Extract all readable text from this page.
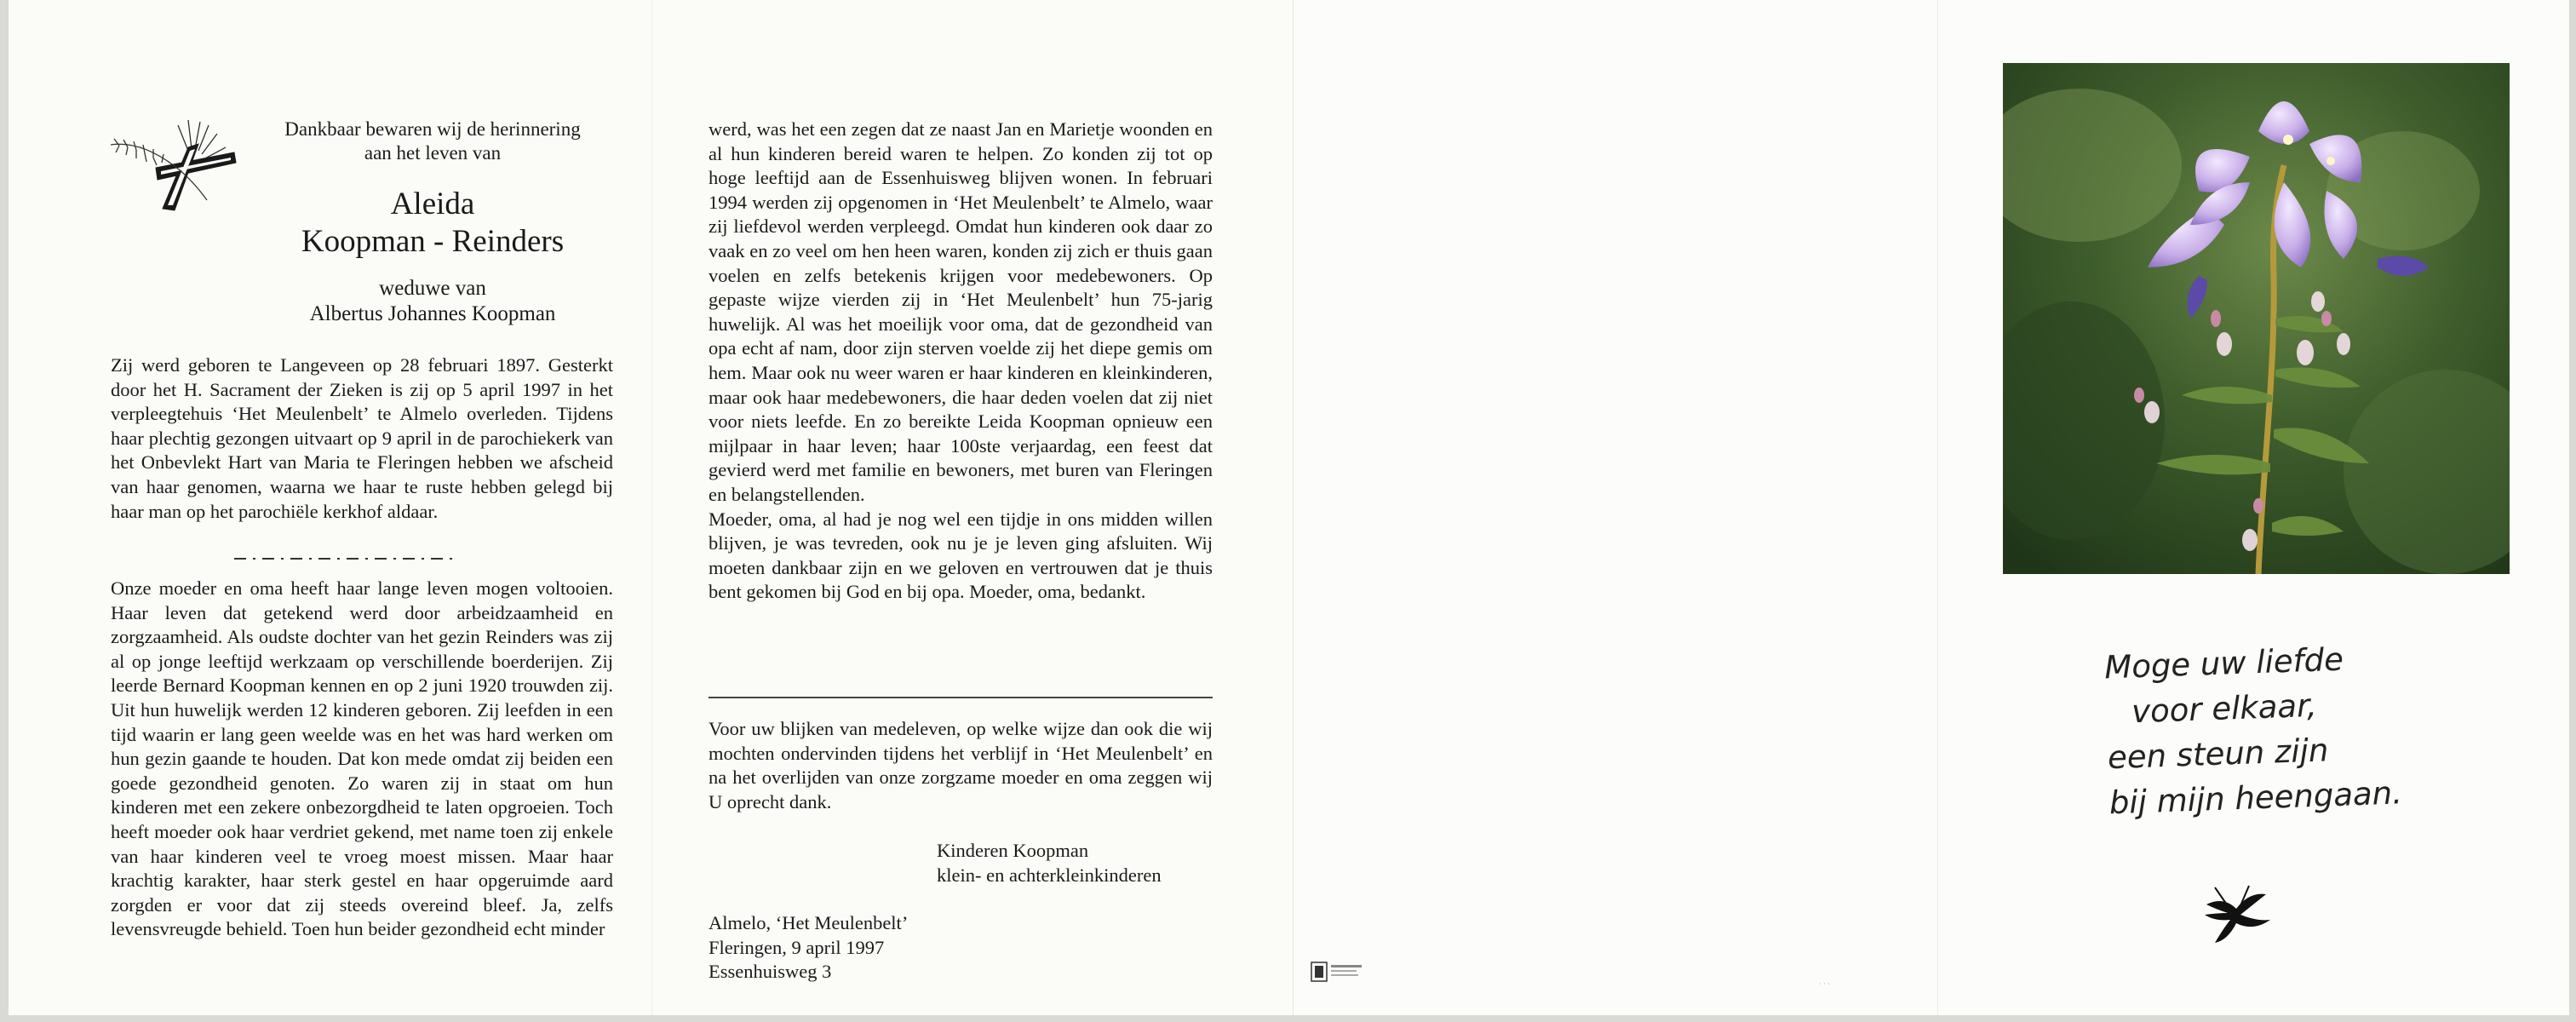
Dankbaar bewaren wij de herinnering
aan het leven van
Aleida
Koopman - Reinders
weduwe van
Albertus Johannes Koopman
Zij werd geboren te Langeveen op 28 februari 1897. Gesterkt door het H. Sacrament der Zieken is zij op 5 april 1997 in het verpleegtehuis ‘Het Meulenbelt’ te Almelo overleden. Tijdens haar plechtig gezongen uitvaart op 9 april in de parochiekerk van het Onbevlekt Hart van Maria te Fleringen hebben we afscheid van haar genomen, waarna we haar te ruste hebben gelegd bij haar man op het parochiële kerkhof aldaar.
Onze moeder en oma heeft haar lange leven mogen voltooien. Haar leven dat getekend werd door arbeidzaamheid en zorgzaamheid. Als oudste dochter van het gezin Reinders was zij al op jonge leeftijd werkzaam op verschillende boerderijen. Zij leerde Bernard Koopman kennen en op 2 juni 1920 trouwden zij. Uit hun huwelijk werden 12 kinderen geboren. Zij leefden in een tijd waarin er lang geen weelde was en het was hard werken om hun gezin gaande te houden. Dat kon mede omdat zij beiden een goede gezondheid genoten. Zo waren zij in staat om hun kinderen met een zekere onbezorgdheid te laten opgroeien. Toch heeft moeder ook haar verdriet gekend, met name toen zij enkele van haar kinderen veel te vroeg moest missen. Maar haar krachtig karakter, haar sterk gestel en haar opgeruimde aard zorgden er voor dat zij steeds overeind bleef. Ja, zelfs levensvreugde behield. Toen hun beider gezondheid echt minder

werd, was het een zegen dat ze naast Jan en Marietje woonden en al hun kinderen bereid waren te helpen. Zo konden zij tot op hoge leeftijd aan de Essenhuisweg blijven wonen. In februari 1994 werden zij opgenomen in ‘Het Meulenbelt’ te Almelo, waar zij liefdevol werden verpleegd. Omdat hun kinderen ook daar zo vaak en zo veel om hen heen waren, konden zij zich er thuis gaan voelen en zelfs betekenis krijgen voor medebewoners. Op gepaste wijze vierden zij in ‘Het Meulenbelt’ hun 75-jarig huwelijk. Al was het moeilijk voor oma, dat de gezondheid van opa echt af nam, door zijn sterven voelde zij het diepe gemis om hem. Maar ook nu weer waren er haar kinderen en kleinkinderen, maar ook haar medebewoners, die haar deden voelen dat zij niet voor niets leefde. En zo bereikte Leida Koopman opnieuw een mijlpaar in haar leven; haar 100ste verjaardag, een feest dat gevierd werd met familie en bewoners, met buren van Fleringen en belangstellenden.

Moeder, oma, al had je nog wel een tijdje in ons midden willen blijven, je was tevreden, ook nu je je leven ging afsluiten. Wij moeten dankbaar zijn en we geloven en vertrouwen dat je thuis bent gekomen bij God en bij opa. Moeder, oma, bedankt.

Voor uw blijken van medeleven, op welke wijze dan ook die wij mochten ondervinden tijdens het verblijf in ‘Het Meulenbelt’ en na het overlijden van onze zorgzame moeder en oma zeggen wij U oprecht dank.
Kinderen Koopman
klein- en achterkleinkinderen
Almelo, ‘Het Meulenbelt’
Fleringen, 9 april 1997
Essenhuisweg 3
· · ·
Moge uw liefde
voor elkaar,
een steun zijn
bij mijn heengaan.
